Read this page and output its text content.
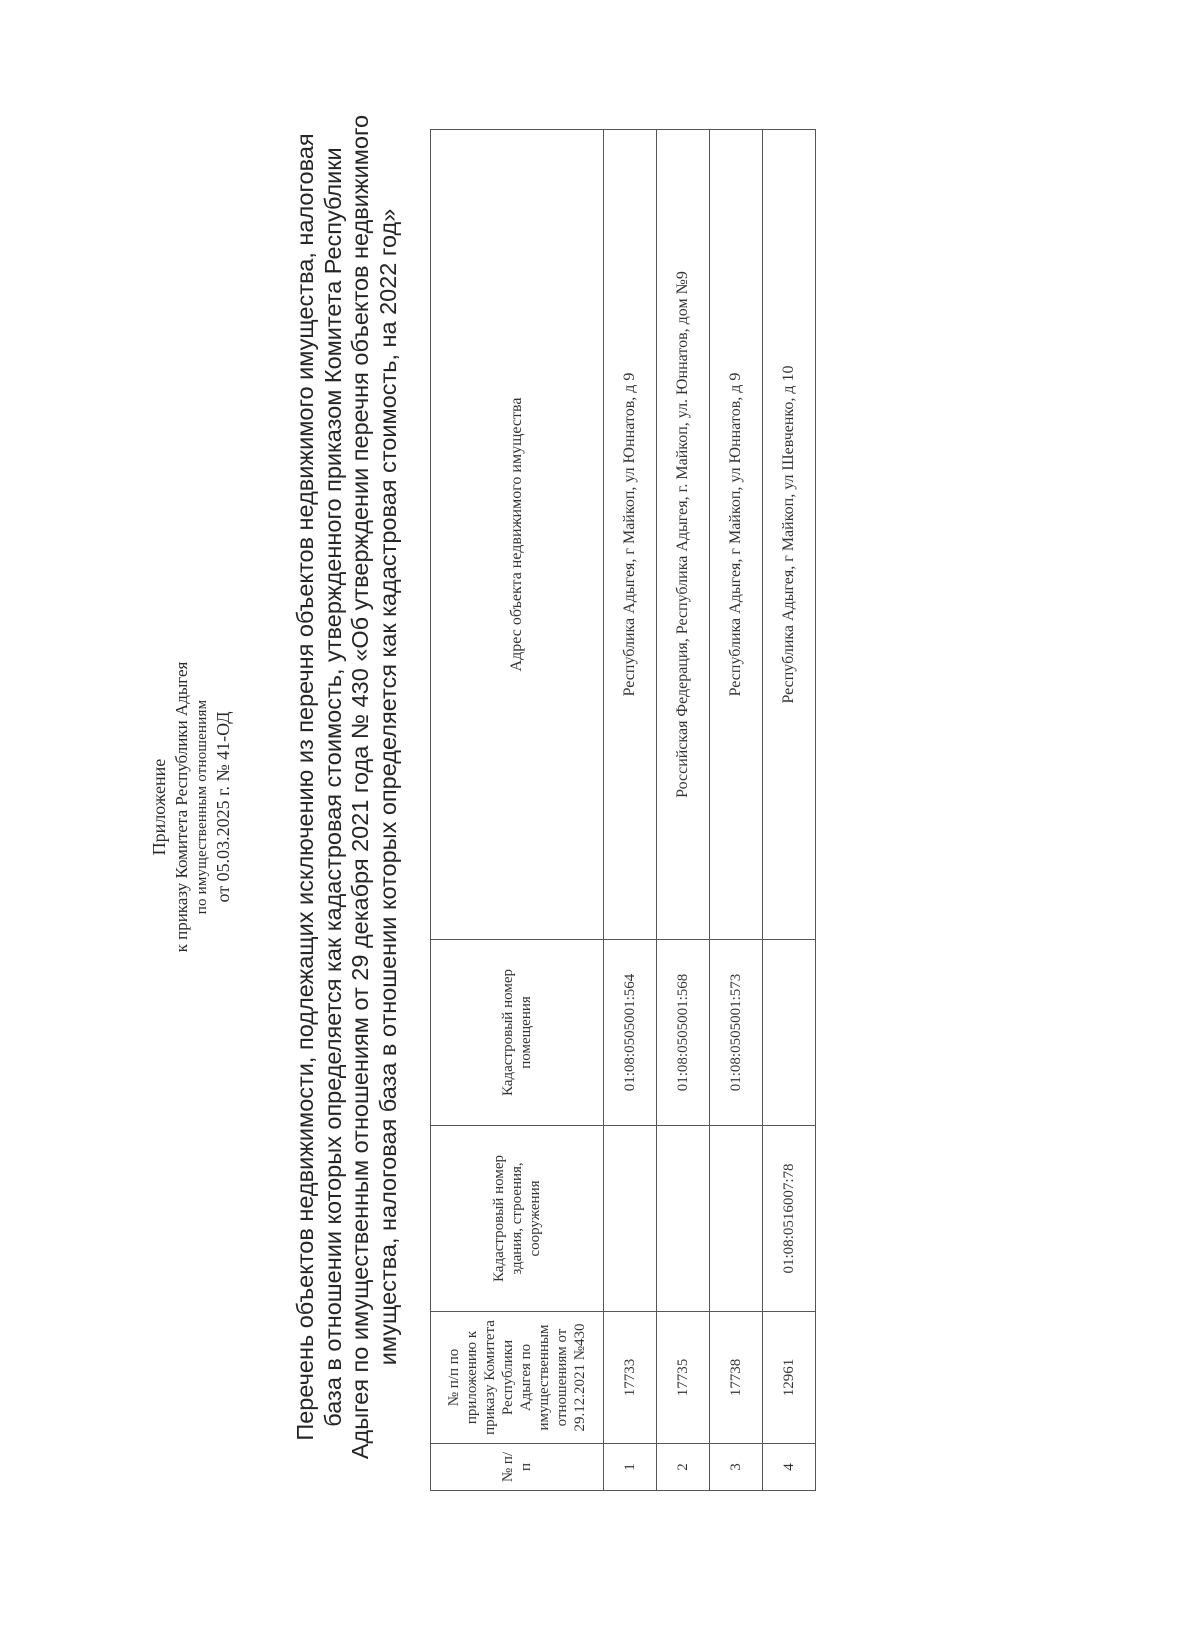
Приложение к приказу Комитета Республики Адыгея по имущественным отношениям от 05.03.2025 г. № 41-ОД	Перечень объектов недвижимости, подлежащих исключению из перечня объектов недвижимого имущества, налоговая база в отношении которых определяется как кадастровая стоимость, утвержденного приказом Комитета Республики Адыгея по имущественным отношениям от 29 декабря 2021 года № 430 «Об утверждении перечня объектов недвижимого имущества, налоговая база в отношении которых определяется как кадастровая стоимость, на 2022 год»
№ п/п	№ п/п по приложению к приказу Комитета Республики Адыгея по имущественным отношениям от 29.12.2021 №430	Кадастровый номер здания, строения, сооружения	Кадастровый номер помещения	Адрес объекта недвижимого имущества
1	17733		01:08:0505001:564	Республика Адыгея, г Майкоп, ул Юннатов, д 9
2	17735		01:08:0505001:568	Российская Федерация, Республика Адыгея, г. Майкоп, ул. Юннатов, дом №9
3	17738		01:08:0505001:573	Республика Адыгея, г Майкоп, ул Юннатов, д 9
4	12961	01:08:0516007:78		Республика Адыгея, г Майкоп, ул Шевченко, д 10
